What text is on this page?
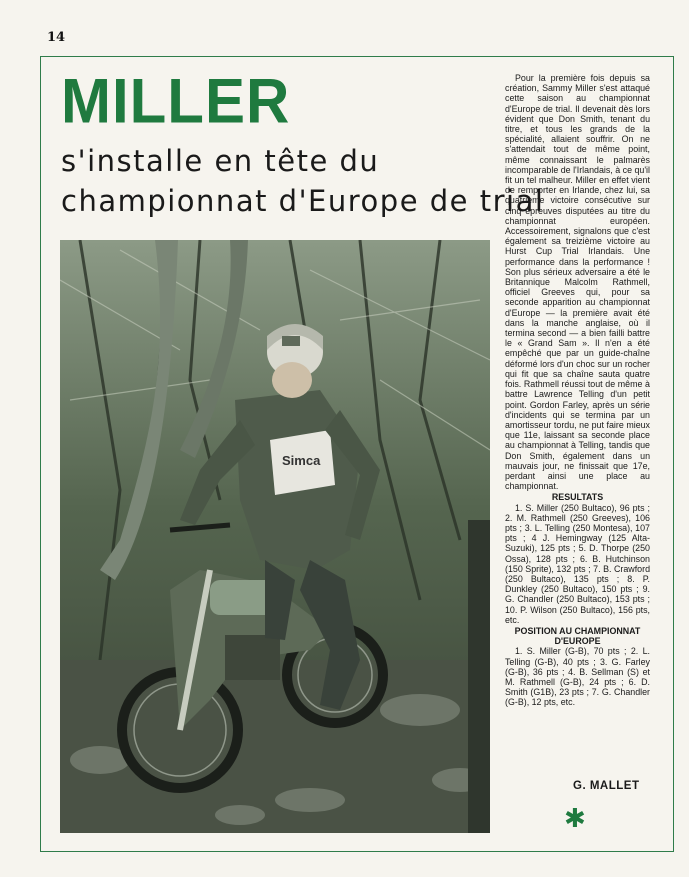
14
MILLER
s'installe en tête du
championnat d'Europe de trial
Simca

Pour la première fois depuis sa création, Sammy Miller s'est attaqué cette saison au championnat d'Europe de trial. Il devenait dès lors évident que Don Smith, tenant du titre, et tous les grands de la spécialité, allaient souffrir. On ne s'attendait tout de même point, même connaissant le palmarès incomparable de l'Irlandais, à ce qu'il fit un tel malheur. Miller en effet vient de remporter en Irlande, chez lui, sa quatrième victoire consécutive sur cinq épreuves disputées au titre du championnat européen. Accessoirement, signalons que c'est également sa treizième victoire au Hurst Cup Trial Irlandais. Une performance dans la performance ! Son plus sérieux adversaire a été le Britannique Malcolm Rathmell, officiel Greeves qui, pour sa seconde apparition au championnat d'Europe — la première avait été dans la manche anglaise, où il termina second — a bien failli battre le « Grand Sam ». Il n'en a été empêché que par un guide-chaîne déformé lors d'un choc sur un rocher qui fit que sa chaîne sauta quatre fois. Rathmell réussi tout de même à battre Lawrence Telling d'un petit point. Gordon Farley, après un série d'incidents qui se termina par un amortisseur tordu, ne put faire mieux que 11e, laissant sa seconde place au championnat à Telling, tandis que Don Smith, également dans un mauvais jour, ne finissait que 17e, perdant ainsi une place au championnat.

RESULTATS

1. S. Miller (250 Bultaco), 96 pts ; 2. M. Rathmell (250 Greeves), 106 pts ; 3. L. Telling (250 Montesa), 107 pts ; 4 J. Hemingway (125 Alta-Suzuki), 125 pts ; 5. D. Thorpe (250 Ossa), 128 pts ; 6. B. Hutchinson (150 Sprite), 132 pts ; 7. B. Crawford (250 Bultaco), 135 pts ; 8. P. Dunkley (250 Bultaco), 150 pts ; 9. G. Chandler (250 Bultaco), 153 pts ; 10. P. Wilson (250 Bultaco), 156 pts, etc.

POSITION AU CHAMPIONNAT D'EUROPE

1. S. Miller (G-B), 70 pts ; 2. L. Telling (G-B), 40 pts ; 3. G. Farley (G-B), 36 pts ; 4. B. Sellman (S) et M. Rathmell (G-B), 24 pts ; 6. D. Smith (G1B), 23 pts ; 7. G. Chandler (G-B), 12 pts, etc.

G. MALLET
✱
